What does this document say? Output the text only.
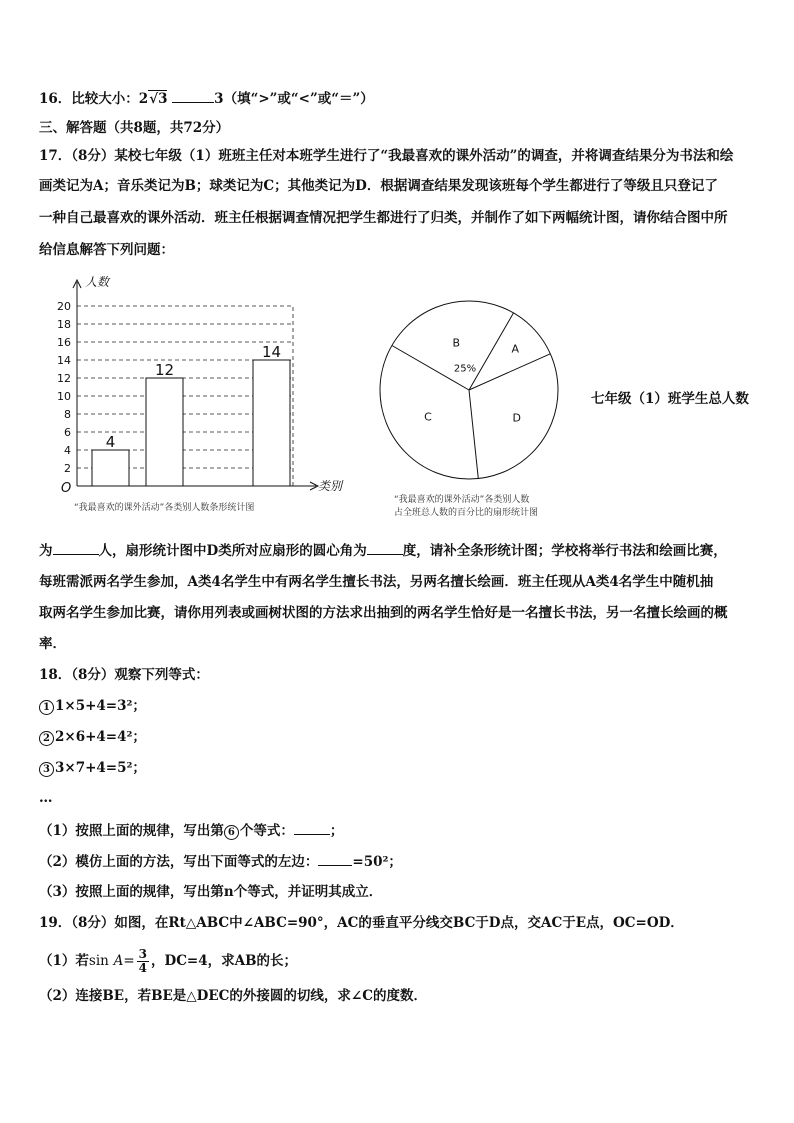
16．比较大小：2√3	3（填“>”或“<”或“＝”）
三、解答题（共8题，共72分）
17．（8分）某校七年级（1）班班主任对本班学生进行了“我最喜欢的课外活动”的调查，并将调查结果分为书法和绘
画类记为A；音乐类记为B；球类记为C；其他类记为D．根据调查结果发现该班每个学生都进行了等级且只登记了
一种自己最喜欢的课外活动．班主任根据调查情况把学生都进行了归类，并制作了如下两幅统计图，请你结合图中所
给信息解答下列问题：
2
4
6
8
10
12
14
16
18
20
人数
类别
O
4
12
14
“我最喜欢的课外活动”各类别人数条形统计图
B
25%
A
D
C
“我最喜欢的课外活动”各类别人数
占全班总人数的百分比的扇形统计图
七年级（1）班学生总人数
为	人，扇形统计图中D类所对应扇形的圆心角为	度，请补全条形统计图；学校将举行书法和绘画比赛，
每班需派两名学生参加，A类4名学生中有两名学生擅长书法，另两名擅长绘画．班主任现从A类4名学生中随机抽
取两名学生参加比赛，请你用列表或画树状图的方法求出抽到的两名学生恰好是一名擅长书法，另一名擅长绘画的概
率．
18．（8分）观察下列等式：
1 1×5+4=3²；
2 2×6+4=4²；
3 3×7+4=5²；
…
（1）按照上面的规律，写出第 6 个等式：	；
（2）模仿上面的方法，写出下面等式的左边：	=50²；
（3）按照上面的规律，写出第n个等式，并证明其成立．
19．（8分）如图，在Rt△ABC中∠ABC=90°，AC的垂直平分线交BC于D点，交AC于E点，OC=OD．
（1）若$\sin A= \frac{3}{4}$ ，DC=4，求AB的长；
（2）连接BE，若BE是△DEC的外接圆的切线，求∠C的度数．
